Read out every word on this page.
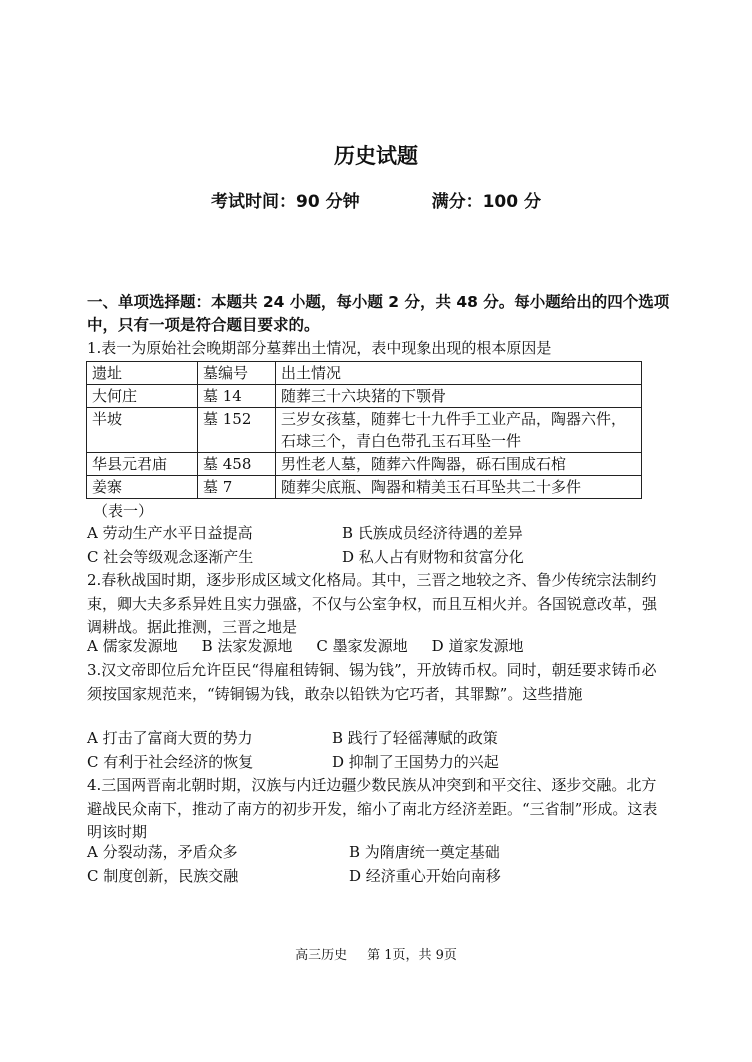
历史试题
考试时间：90 分钟	满分：100 分
一、单项选择题：本题共 24 小题，每小题 2 分，共 48 分。每小题给出的四个选项中，只有一项是符合题目要求的。
1.表一为原始社会晚期部分墓葬出土情况，表中现象出现的根本原因是
遗址	墓编号	出土情况
大何庄	墓 14	随葬三十六块猪的下颚骨
半坡	墓 152	三岁女孩墓，随葬七十九件手工业产品，陶器六件，石球三个，青白色带孔玉石耳坠一件
华县元君庙	墓 458	男性老人墓，随葬六件陶器，砾石围成石棺
姜寨	墓 7	随葬尖底瓶、陶器和精美玉石耳坠共二十多件
（表一）
A 劳动生产水平日益提高	B 氏族成员经济待遇的差异
C 社会等级观念逐渐产生	D 私人占有财物和贫富分化
2.春秋战国时期，逐步形成区域文化格局。其中，三晋之地较之齐、鲁少传统宗法制约束，卿大夫多系异姓且实力强盛，不仅与公室争权，而且互相火并。各国锐意改革，强调耕战。据此推测，三晋之地是
A 儒家发源地 B 法家发源地 C 墨家发源地 D 道家发源地
3.汉文帝即位后允许臣民“得雇租铸铜、锡为钱”，开放铸币权。同时，朝廷要求铸币必须按国家规范来，“铸铜锡为钱，敢杂以铅铁为它巧者，其罪黥”。这些措施
A 打击了富商大贾的势力	B 践行了轻徭薄赋的政策
C 有利于社会经济的恢复	D 抑制了王国势力的兴起
4.三国两晋南北朝时期，汉族与内迁边疆少数民族从冲突到和平交往、逐步交融。北方避战民众南下，推动了南方的初步开发，缩小了南北方经济差距。“三省制”形成。这表明该时期
A 分裂动荡，矛盾众多	B 为隋唐统一奠定基础
C 制度创新，民族交融	D 经济重心开始向南移
高三历史 第 1页，共 9页
